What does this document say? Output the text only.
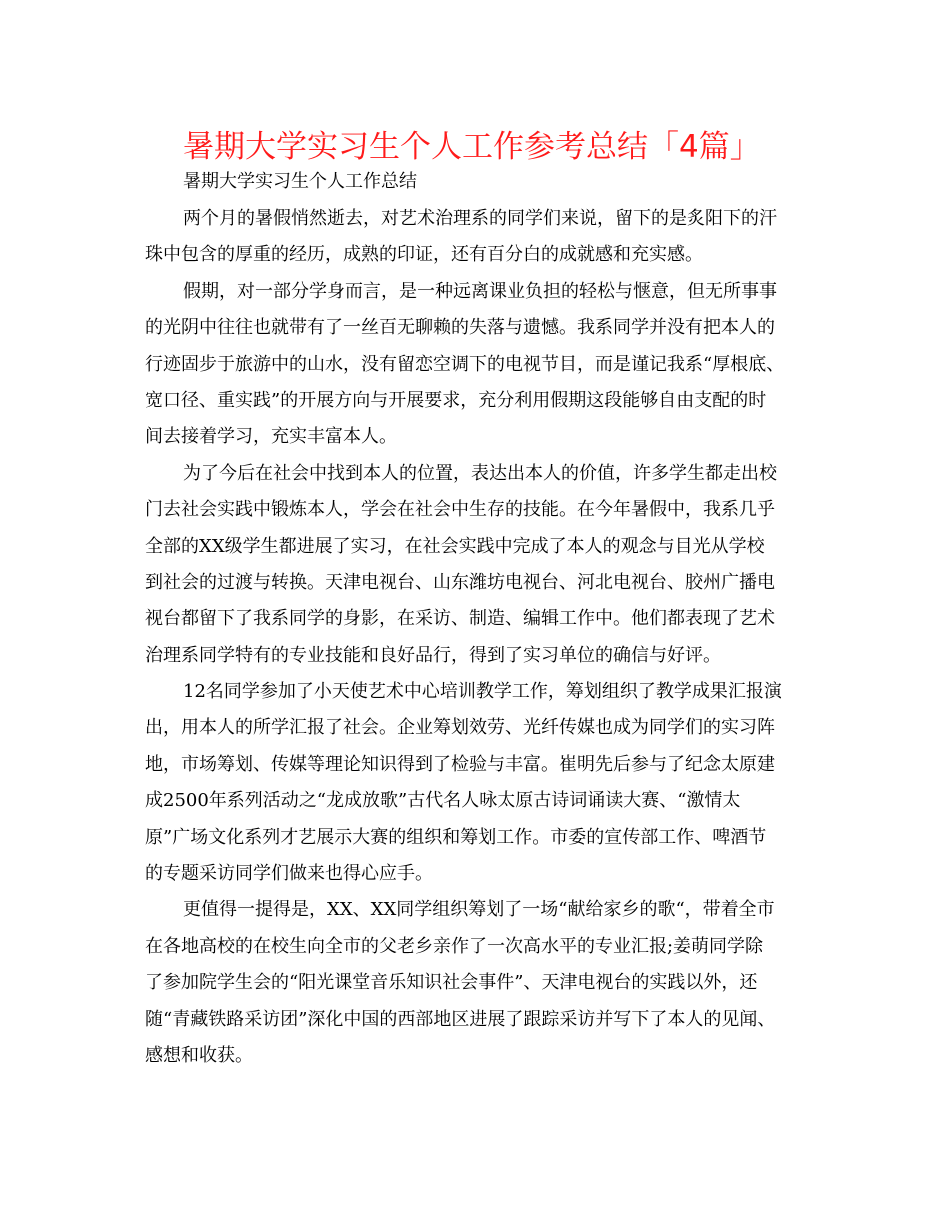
暑期大学实习生个人工作参考总结「4篇」
暑期大学实习生个人工作总结
两个月的暑假悄然逝去，对艺术治理系的同学们来说，留下的是炙阳下的汗
珠中包含的厚重的经历，成熟的印证，还有百分白的成就感和充实感。
假期，对一部分学身而言，是一种远离课业负担的轻松与惬意，但无所事事
的光阴中往往也就带有了一丝百无聊赖的失落与遗憾。我系同学并没有把本人的
行迹固步于旅游中的山水，没有留恋空调下的电视节目，而是谨记我系“厚根底、
宽口径、重实践”的开展方向与开展要求，充分利用假期这段能够自由支配的时
间去接着学习，充实丰富本人。
为了今后在社会中找到本人的位置，表达出本人的价值，许多学生都走出校
门去社会实践中锻炼本人，学会在社会中生存的技能。在今年暑假中，我系几乎
全部的XX级学生都进展了实习，在社会实践中完成了本人的观念与目光从学校
到社会的过渡与转换。天津电视台、山东潍坊电视台、河北电视台、胶州广播电
视台都留下了我系同学的身影，在采访、制造、编辑工作中。他们都表现了艺术
治理系同学特有的专业技能和良好品行，得到了实习单位的确信与好评。
12名同学参加了小天使艺术中心培训教学工作，筹划组织了教学成果汇报演
出，用本人的所学汇报了社会。企业筹划效劳、光纤传媒也成为同学们的实习阵
地，市场筹划、传媒等理论知识得到了检验与丰富。崔明先后参与了纪念太原建
成2500年系列活动之“龙成放歌”古代名人咏太原古诗词诵读大赛、“激情太
原”广场文化系列才艺展示大赛的组织和筹划工作。市委的宣传部工作、啤酒节
的专题采访同学们做来也得心应手。
更值得一提得是，XX、XX同学组织筹划了一场“献给家乡的歌“，带着全市
在各地高校的在校生向全市的父老乡亲作了一次高水平的专业汇报;姜萌同学除
了参加院学生会的“阳光课堂音乐知识社会事件”、天津电视台的实践以外，还
随“青藏铁路采访团”深化中国的西部地区进展了跟踪采访并写下了本人的见闻、
感想和收获。
